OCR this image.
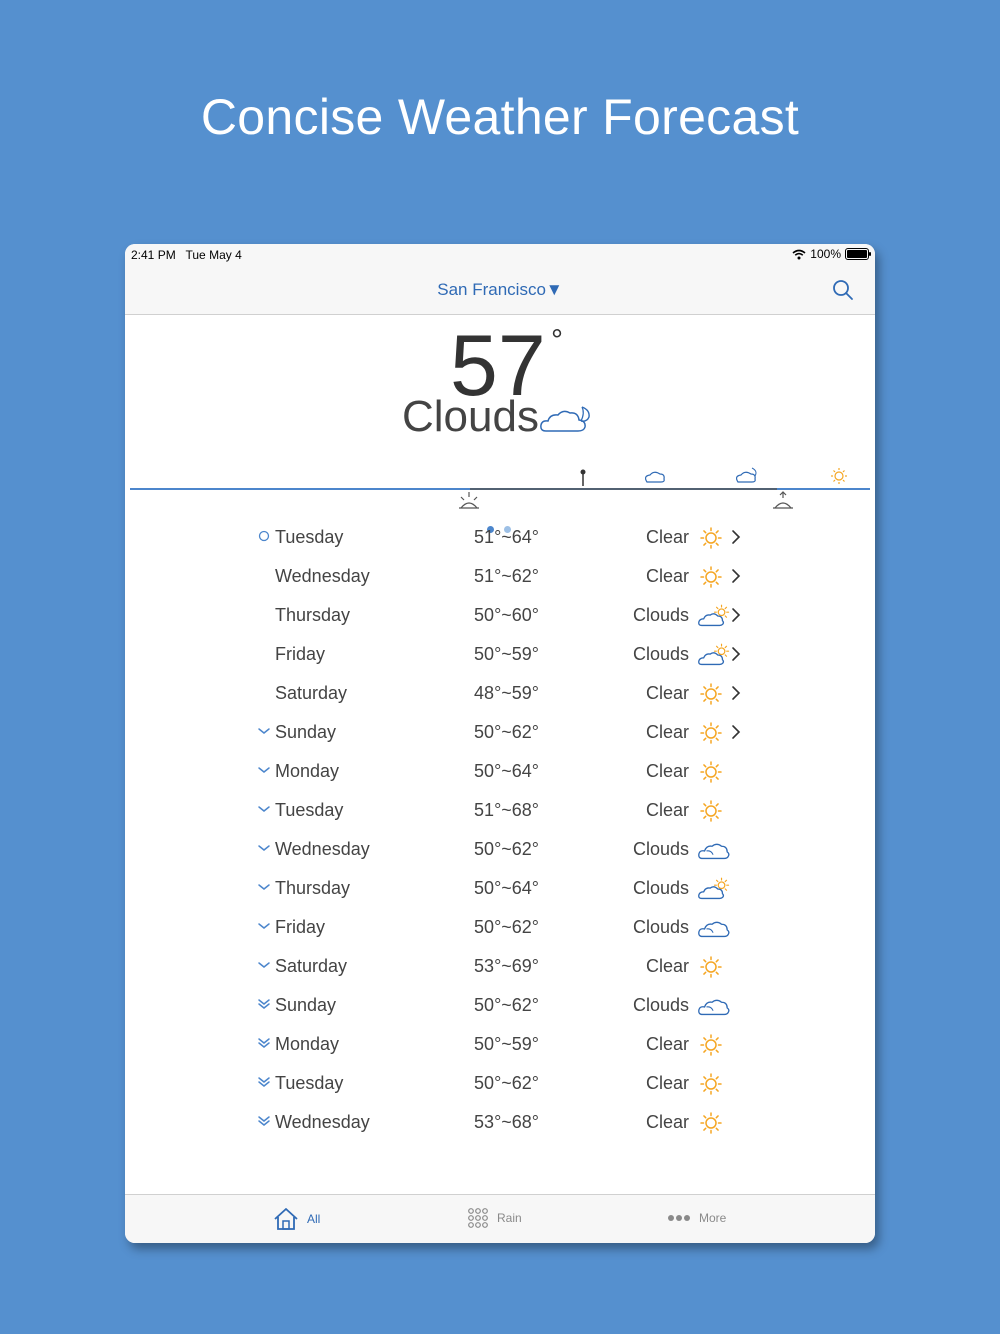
Concise Weather Forecast
2:41 PM Tue May 4	100%
San Francisco▼
57 °
Clouds
Tuesday	51°~64°	Clear
Wednesday	51°~62°	Clear
Thursday	50°~60°	Clouds
Friday	50°~59°	Clouds
Saturday	48°~59°	Clear
Sunday	50°~62°	Clear
Monday	50°~64°	Clear
Tuesday	51°~68°	Clear
Wednesday	50°~62°	Clouds
Thursday	50°~64°	Clouds
Friday	50°~62°	Clouds
Saturday	53°~69°	Clear
Sunday	50°~62°	Clouds
Monday	50°~59°	Clear
Tuesday	50°~62°	Clear
Wednesday	53°~68°	Clear
All	Rain	More
